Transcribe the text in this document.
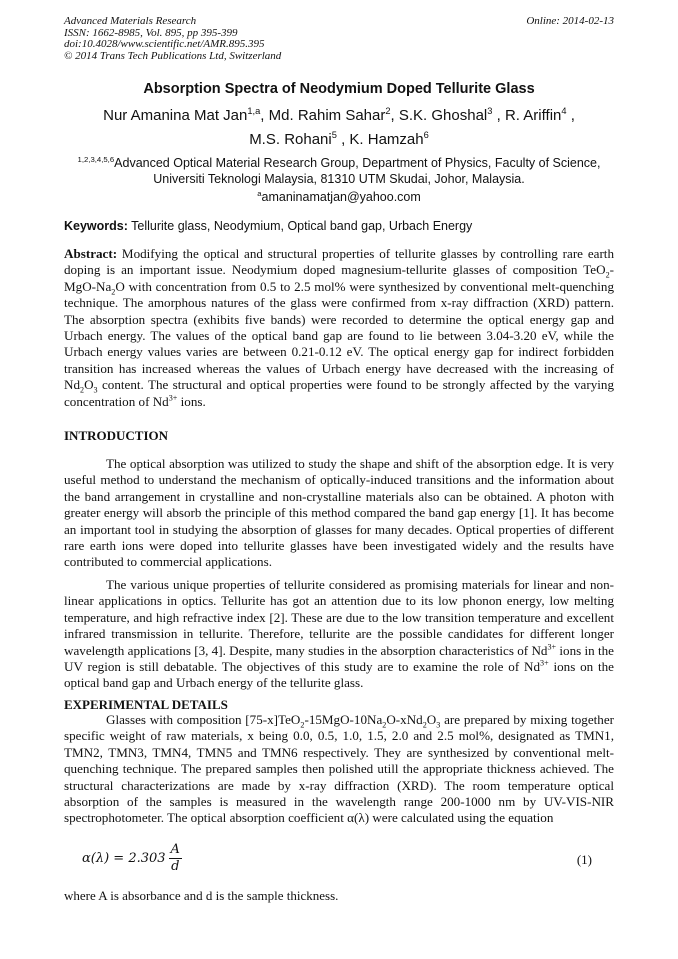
Advanced Materials Research
ISSN: 1662-8985, Vol. 895, pp 395-399
doi:10.4028/www.scientific.net/AMR.895.395
© 2014 Trans Tech Publications Ltd, Switzerland
Online: 2014-02-13
Absorption Spectra of Neodymium Doped Tellurite Glass
Nur Amanina Mat Jan$^{1,a}$, Md. Rahim Sahar$^2$, S.K. Ghoshal$^3$ , R. Ariffin$^4$ ,
M.S. Rohani$^5$ , K. Hamzah$^6$
$^{1,2,3,4,5,6}$Advanced Optical Material Research Group, Department of Physics, Faculty of Science,
Universiti Teknologi Malaysia, 81310 UTM Skudai, Johor, Malaysia.
$^a$amaninamatjan@yahoo.com
Keywords: Tellurite glass, Neodymium, Optical band gap, Urbach Energy

Abstract: Modifying the optical and structural properties of tellurite glasses by controlling rare earth doping is an important issue. Neodymium doped magnesium-tellurite glasses of composition $TeO_2-MgO-Na_2O$ with concentration from 0.5 to 2.5 mol% were synthesized by conventional melt-quenching technique. The amorphous natures of the glass were confirmed from x-ray diffraction (XRD) pattern. The absorption spectra (exhibits five bands) were recorded to determine the optical energy gap and Urbach energy. The values of the optical band gap are found to lie between 3.04-3.20 eV, while the Urbach energy values varies are between 0.21-0.12 eV. The optical energy gap for indirect forbidden transition has increased whereas the values of Urbach energy have decreased with the increasing of $Nd_2O_3$ content. The structural and optical properties were found to be strongly affected by the varying concentration of $Nd^{3+}$ ions.

INTRODUCTION

The optical absorption was utilized to study the shape and shift of the absorption edge. It is very useful method to understand the mechanism of optically-induced transitions and the information about the band arrangement in crystalline and non-crystalline materials also can be obtained. A photon with greater energy will absorb the principle of this method compared the band gap energy [1]. It has become an important tool in studying the absorption of glasses for many decades. Optical properties of different rare earth ions were doped into tellurite glasses have been investigated widely and the results have contributed to commercial applications.

The various unique properties of tellurite considered as promising materials for linear and non-linear applications in optics. Tellurite has got an attention due to its low phonon energy, low melting temperature, and high refractive index [2]. These are due to the low transition temperature and excellent infrared transmission in tellurite. Therefore, tellurite are the possible candidates for different longer wavelength applications [3, 4]. Despite, many studies in the absorption characteristics of $Nd^{3+}$ ions in the UV region is still debatable. The objectives of this study are to examine the role of $Nd^{3+}$ ions on the optical band gap and Urbach energy of the tellurite glass.

EXPERIMENTAL DETAILS

Glasses with composition $[75-x]TeO_2-15MgO-10Na_2O-xNd_2O_3$ are prepared by mixing together specific weight of raw materials, x being 0.0, 0.5, 1.0, 1.5, 2.0 and 2.5 mol%, designated as TMN1, TMN2, TMN3, TMN4, TMN5 and TMN6 respectively. They are synthesized by conventional melt-quenching technique. The prepared samples then polished utill the appropriate thickness achieved. The structural characterizations are made by x-ray diffraction (XRD). The room temperature optical absorption of the samples is measured in the wavelength range 200-1000 nm by UV-VIS-NIR spectrophotometer. The optical absorption coefficient α(λ) were calculated using the equation

$\alpha(\lambda) = 2.303 \frac{A}{d}$	(1)
where A is absorbance and d is the sample thickness.
